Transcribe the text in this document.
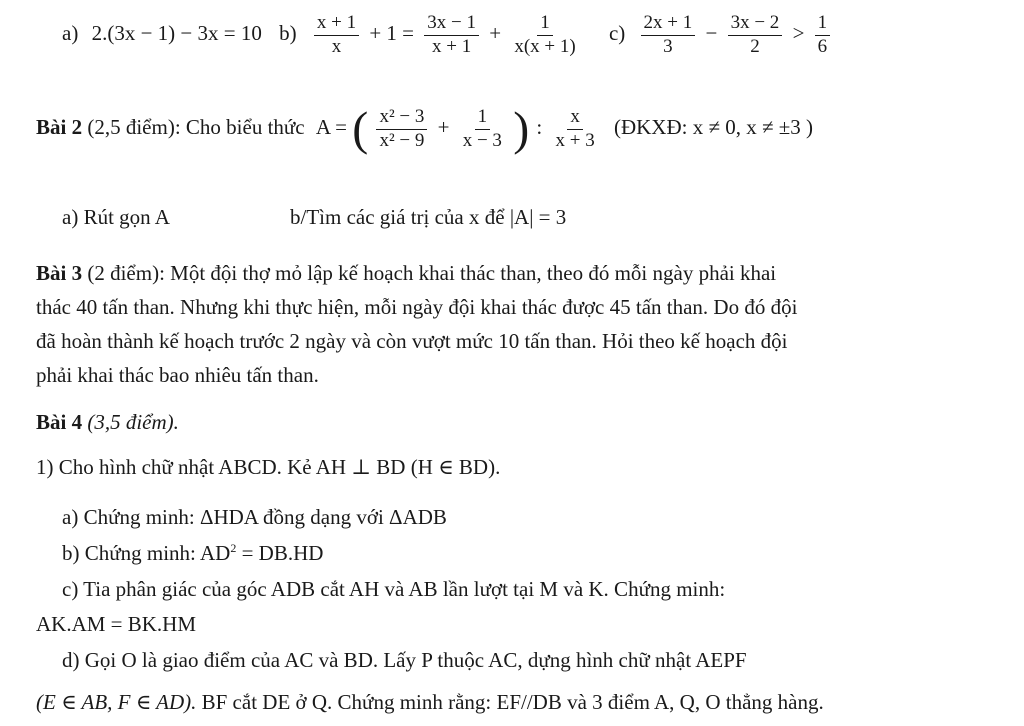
a) 2.(3x − 1) − 3x = 10 $b) \frac{x + 1}{x} + 1 = \frac{3x - 1}{x + 1} + \frac{1}{x(x + 1)} c) \frac{2x + 1}{3} - \frac{3x - 2}{2} > \frac{1}{6}$
Bài 2 (2,5 điểm): Cho biểu thức A = ( $\frac{\text{x² − 3}}{\text{x² − 9}} + \frac{1}{x - 3}$ ) : $\frac{x}{x + 3}$ (ĐKXĐ: x ≠ 0, x ≠ ±3 )
a) Rút gọn A	b/Tìm các giá trị của x để |A| = 3
Bài 3 (2 điểm): Một đội thợ mỏ lập kế hoạch khai thác than, theo đó mỗi ngày phải khai
thác 40 tấn than. Nhưng khi thực hiện, mỗi ngày đội khai thác được 45 tấn than. Do đó đội
đã hoàn thành kế hoạch trước 2 ngày và còn vượt mức 10 tấn than. Hỏi theo kế hoạch đội
phải khai thác bao nhiêu tấn than.
Bài 4 (3,5 điểm).
1) Cho hình chữ nhật ABCD. Kẻ AH ⊥ BD (H ∈ BD).
a) Chứng minh: ΔHDA đồng dạng với ΔADB
b) Chứng minh: $AD^2 = DB.HD$
c) Tia phân giác của góc ADB cắt AH và AB lần lượt tại M và K. Chứng minh:
AK.AM = BK.HM
d) Gọi O là giao điểm của AC và BD. Lấy P thuộc AC, dựng hình chữ nhật AEPF
(E ∈ AB, F ∈ AD). BF cắt DE ở Q. Chứng minh rằng: EF//DB và 3 điểm A, Q, O thẳng hàng.
